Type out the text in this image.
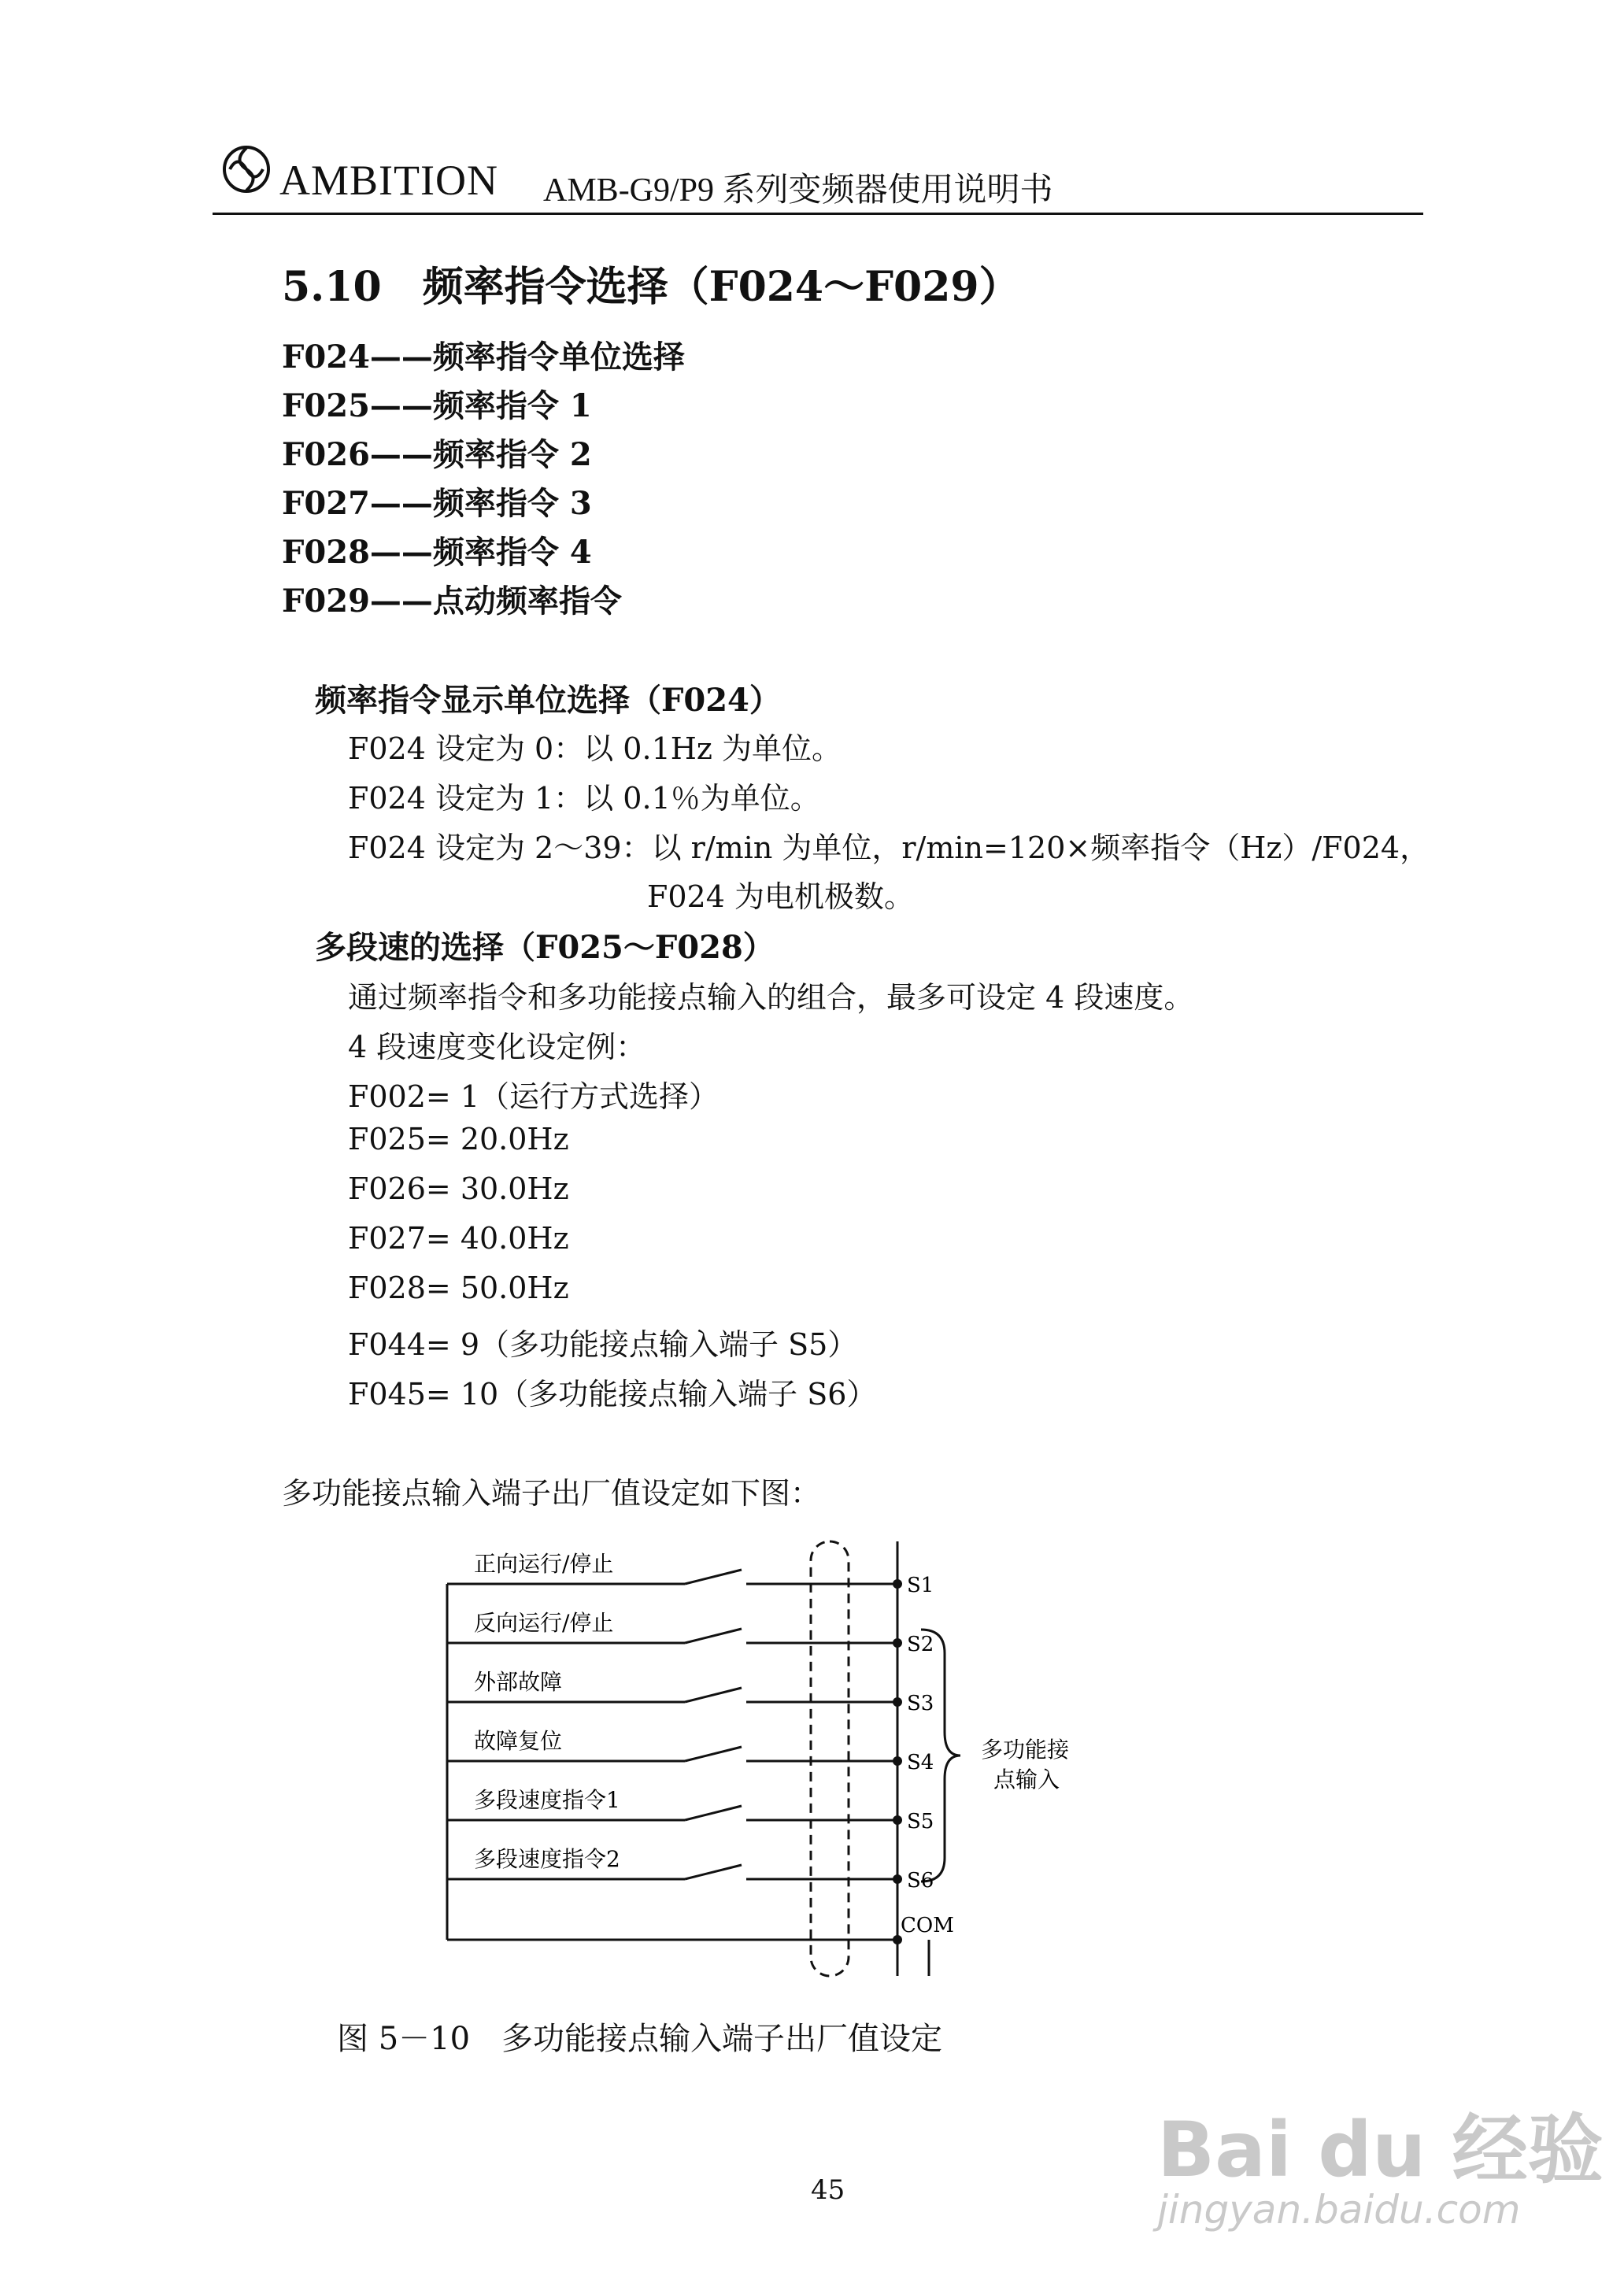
AMBITION AMB-G9/P9 系列变频器使用说明书
5.10　频率指令选择（F024～F029）
F024——频率指令单位选择
F025——频率指令 1
F026——频率指令 2
F027——频率指令 3
F028——频率指令 4
F029——点动频率指令
频率指令显示单位选择（F024）
F024 设定为 0：以 0.1Hz 为单位。
F024 设定为 1：以 0.1％为单位。
F024 设定为 2～39：以 r/min 为单位，r/min=120×频率指令（Hz）/F024，
F024 为电机极数。
多段速的选择（F025～F028）
通过频率指令和多功能接点输入的组合，最多可设定 4 段速度。
4 段速度变化设定例：
F002= 1（运行方式选择）
F025= 20.0Hz
F026= 30.0Hz
F027= 40.0Hz
F028= 50.0Hz
F044= 9（多功能接点输入端子 S5）
F045= 10（多功能接点输入端子 S6）
多功能接点输入端子出厂值设定如下图：
正向运行/停止
反向运行/停止
外部故障
故障复位
多段速度指令1
多段速度指令2
S1
S2
S3
S4
S5
S6
COM
多功能接
点输入
图 5－10　多功能接点输入端子出厂值设定
45	Bai du 经验
jingyan.baidu.com
